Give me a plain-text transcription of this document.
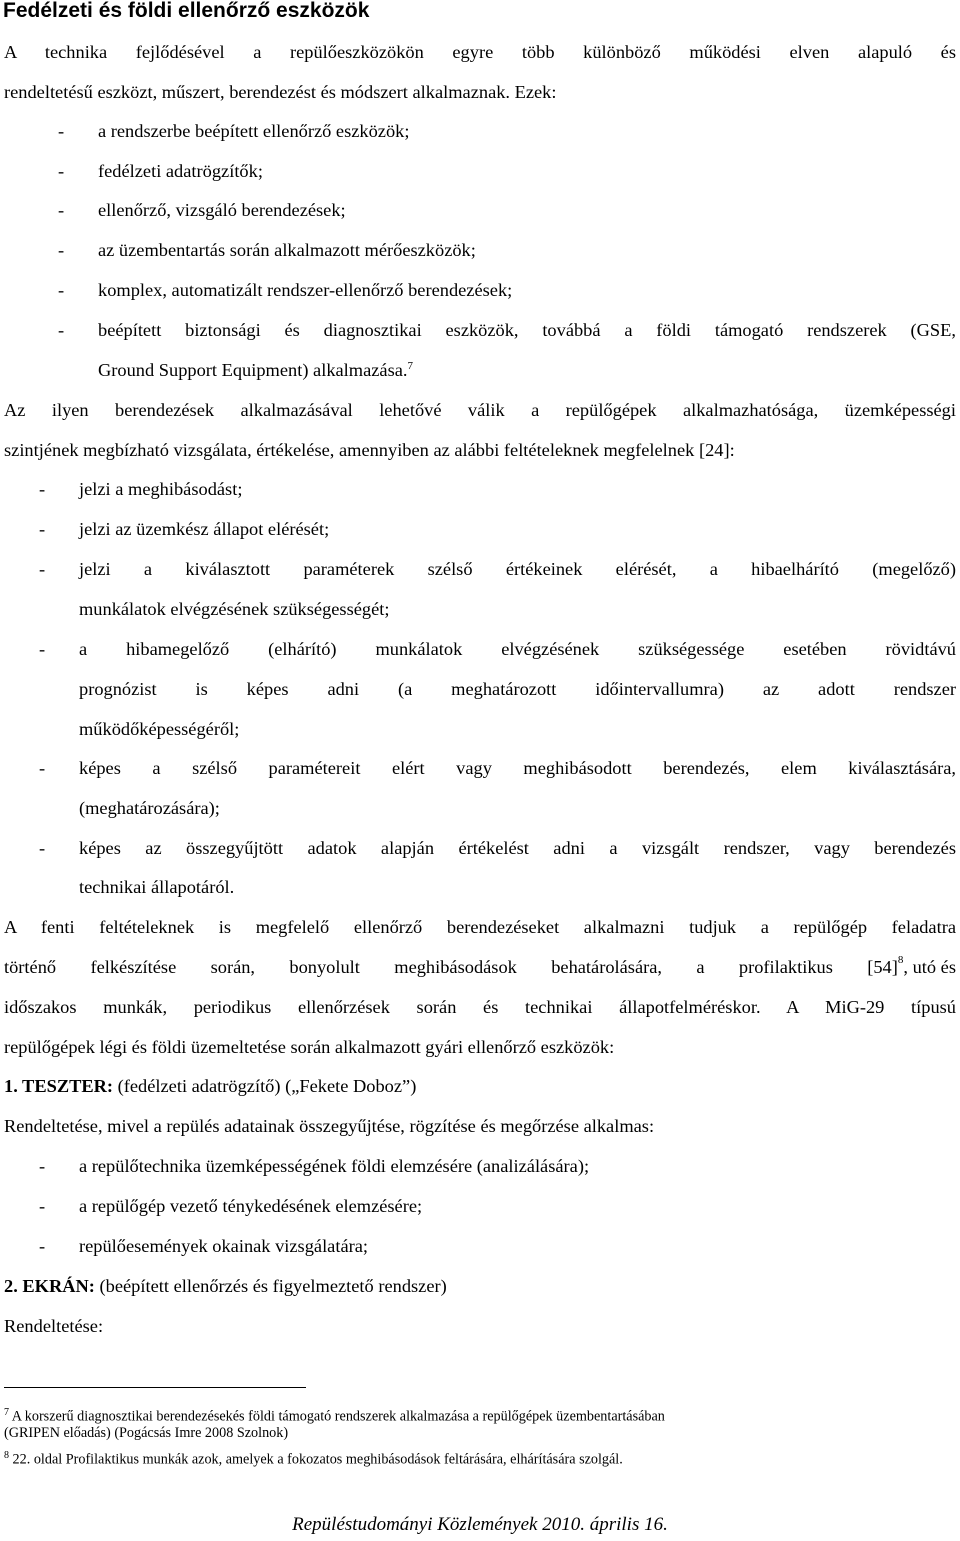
Fedélzeti és földi ellenőrző eszközök
A technika fejlődésével a repülőeszközökön egyre több különböző működési elven alapuló és
rendeltetésű eszközt, műszert, berendezést és módszert alkalmaznak. Ezek:
- a rendszerbe beépített ellenőrző eszközök;
- fedélzeti adatrögzítők;
- ellenőrző, vizsgáló berendezések;
- az üzembentartás során alkalmazott mérőeszközök;
- komplex, automatizált rendszer-ellenőrző berendezések;
- beépített biztonsági és diagnosztikai eszközök, továbbá a földi támogató rendszerek (GSE,
Ground Support Equipment) alkalmazása.$^7$
Az ilyen berendezések alkalmazásával lehetővé válik a repülőgépek alkalmazhatósága, üzemképességi
szintjének megbízható vizsgálata, értékelése, amennyiben az alábbi feltételeknek megfelelnek [24]:
- jelzi a meghibásodást;
- jelzi az üzemkész állapot elérését;
- jelzi a kiválasztott paraméterek szélső értékeinek elérését, a hibaelhárító (megelőző)
munkálatok elvégzésének szükségességét;
- a hibamegelőző (elhárító) munkálatok elvégzésének szükségessége esetében rövidtávú
prognózist is képes adni (a meghatározott időintervallumra) az adott rendszer
működőképességéről;
- képes a szélső paramétereit elért vagy meghibásodott berendezés, elem kiválasztására,
(meghatározására);
- képes az összegyűjtött adatok alapján értékelést adni a vizsgált rendszer, vagy berendezés
technikai állapotáról.
A fenti feltételeknek is megfelelő ellenőrző berendezéseket alkalmazni tudjuk a repülőgép feladatra
történő felkészítése során, bonyolult meghibásodások behatárolására, a profilaktikus [54] 8 , utó és
időszakos munkák, periodikus ellenőrzések során és technikai állapotfelméréskor. A MiG-29 típusú
repülőgépek légi és földi üzemeltetése során alkalmazott gyári ellenőrző eszközök:
1. TESZTER: (fedélzeti adatrögzítő) („Fekete Doboz”)
Rendeltetése, mivel a repülés adatainak összegyűjtése, rögzítése és megőrzése alkalmas:
- a repülőtechnika üzemképességének földi elemzésére (analizálására);
- a repülőgép vezető ténykedésének elemzésére;
- repülőesemények okainak vizsgálatára;
2. EKRÁN: (beépített ellenőrzés és figyelmeztető rendszer)
Rendeltetése:
$^7$ A korszerű diagnosztikai berendezésekés földi támogató rendszerek alkalmazása a repülőgépek üzembentartásában
(GRIPEN előadás) (Pogácsás Imre 2008 Szolnok)
$^8$ 22. oldal Profilaktikus munkák azok, amelyek a fokozatos meghibásodások feltárására, elhárítására szolgál.
Repüléstudományi Közlemények 2010. április 16.
